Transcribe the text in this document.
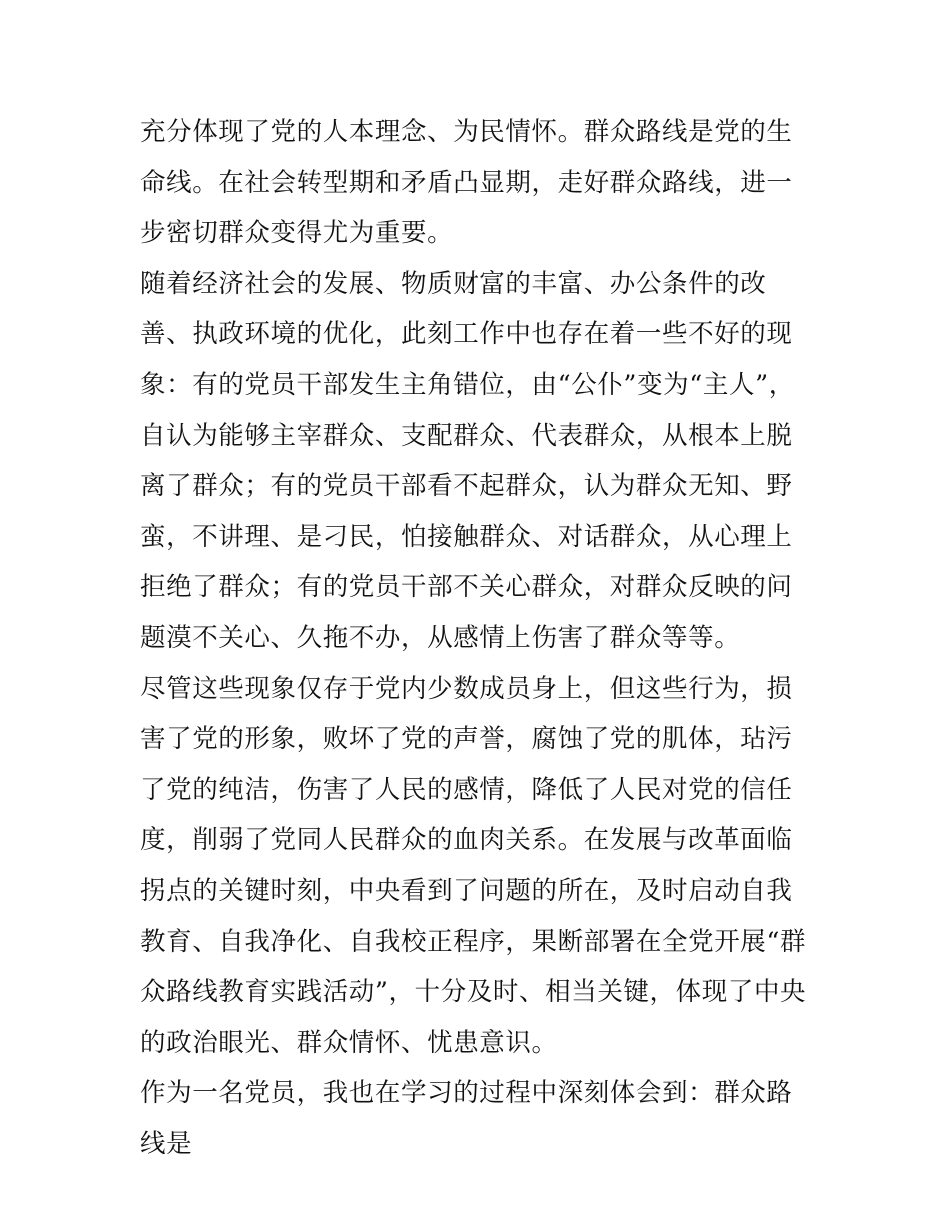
充分体现了党的人本理念、为民情怀。群众路线是党的生命线。在社会转型期和矛盾凸显期，走好群众路线，进一步密切群众变得尤为重要。

随着经济社会的发展、物质财富的丰富、办公条件的改善、执政环境的优化，此刻工作中也存在着一些不好的现象：有的党员干部发生主角错位，由“公仆”变为“主人”，自认为能够主宰群众、支配群众、代表群众，从根本上脱离了群众；有的党员干部看不起群众，认为群众无知、野蛮，不讲理、是刁民，怕接触群众、对话群众，从心理上拒绝了群众；有的党员干部不关心群众，对群众反映的问题漠不关心、久拖不办，从感情上伤害了群众等等。

尽管这些现象仅存于党内少数成员身上，但这些行为，损害了党的形象，败坏了党的声誉，腐蚀了党的肌体，玷污了党的纯洁，伤害了人民的感情，降低了人民对党的信任度，削弱了党同人民群众的血肉关系。在发展与改革面临拐点的关键时刻，中央看到了问题的所在，及时启动自我教育、自我净化、自我校正程序，果断部署在全党开展“群众路线教育实践活动”，十分及时、相当关键，体现了中央的政治眼光、群众情怀、忧患意识。

作为一名党员，我也在学习的过程中深刻体会到：群众路线是
